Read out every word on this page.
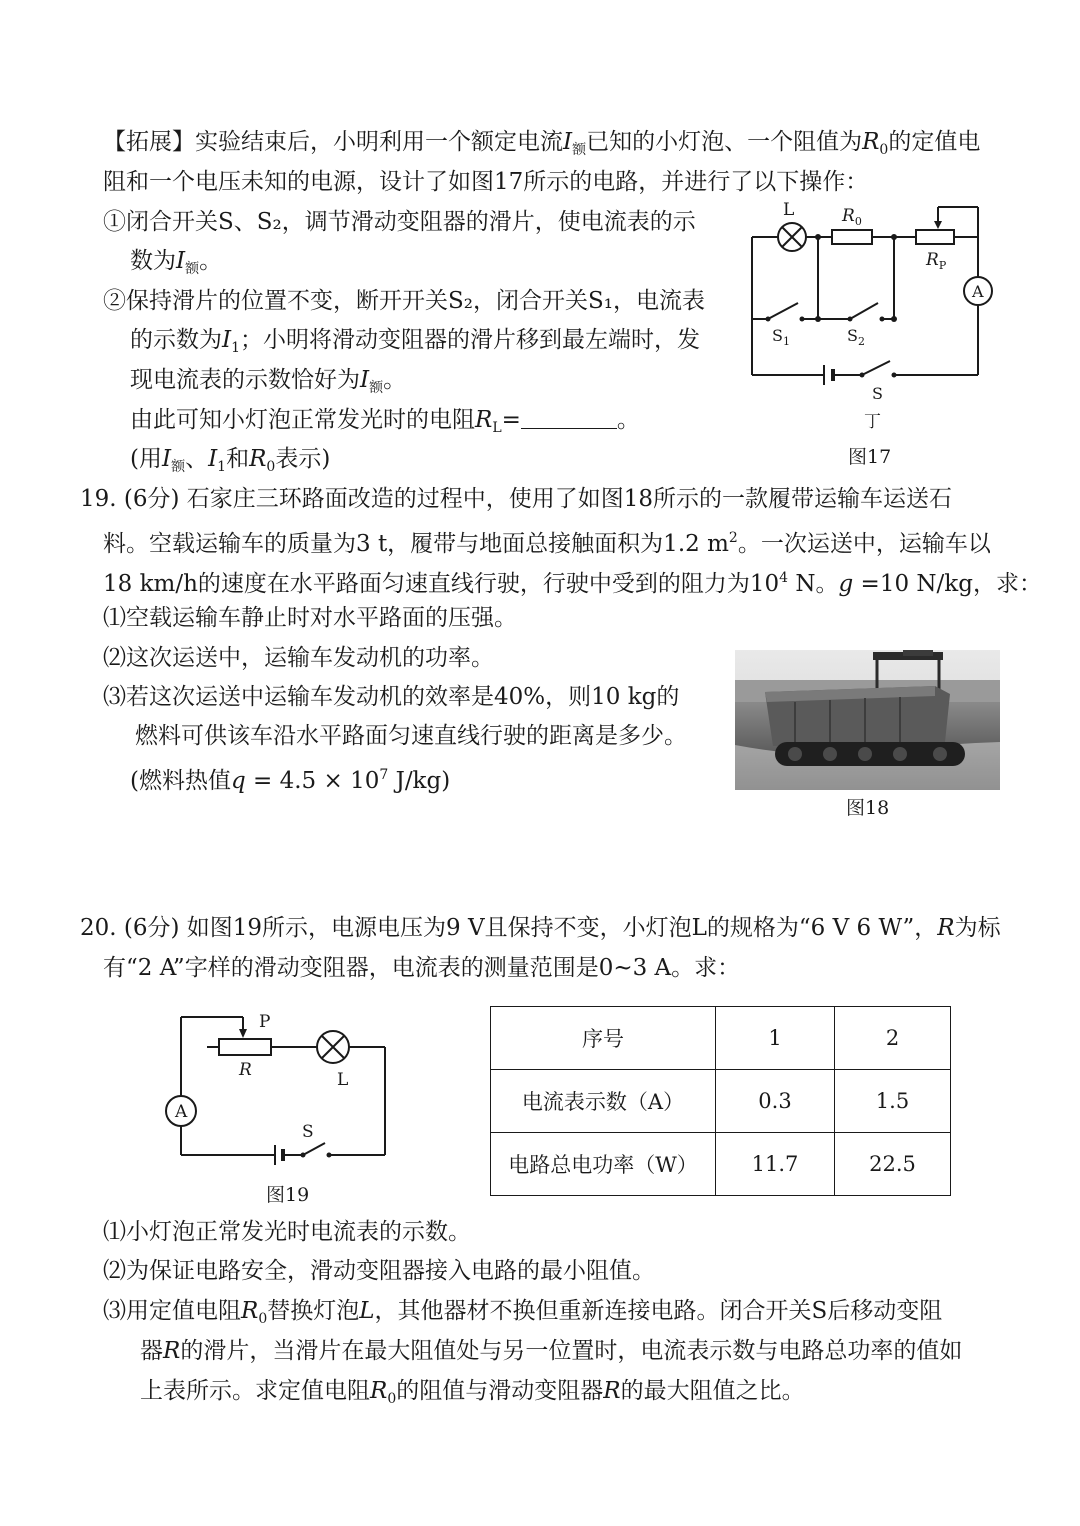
【拓展】实验结束后，小明利用一个额定电流$I_额$已知的小灯泡、一个阻值为$R_0$的定值电
阻和一个电压未知的电源，设计了如图17所示的电路，并进行了以下操作：
①闭合开关S、S₂，调节滑动变阻器的滑片，使电流表的示
数为$I_额$。
②保持滑片的位置不变，断开开关S₂，闭合开关S₁，电流表
的示数为$I_1$；小明将滑动变阻器的滑片移到最左端时，发
现电流表的示数恰好为$I_额$。
由此可知小灯泡正常发光时的电阻$R_L=$	。
(用$I_额$、$I_1$和$R_0$表示)
L	$R_0$
$R_P$
A
$S_1$	$S_2$
S
丁
图17
19. (6分) 石家庄三环路面改造的过程中，使用了如图18所示的一款履带运输车运送石
料。空载运输车的质量为3 t，履带与地面总接触面积为1.2 $m^2$。一次运送中，运输车以
18 km/h的速度在水平路面匀速直线行驶，行驶中受到的阻力为$10^4$ N。g =10 N/kg，求：
⑴空载运输车静止时对水平路面的压强。
⑵这次运送中，运输车发动机的功率。
⑶若这次运送中运输车发动机的效率是40%，则10 kg的
燃料可供该车沿水平路面匀速直线行驶的距离是多少。
(燃料热值$q = 4.5 \times 10^7$ J/kg)
图18
20. (6分) 如图19所示，电源电压为9 V且保持不变，小灯泡L的规格为“6 V 6 W”，R为标
有“2 A”字样的滑动变阻器，电流表的测量范围是0~3 A。求：
P
R	L
A
S
图19
序号	1	2
电流表示数（A）	0.3	1.5
电路总电功率（W）	11.7	22.5
⑴小灯泡正常发光时电流表的示数。
⑵为保证电路安全，滑动变阻器接入电路的最小阻值。
⑶用定值电阻$R_0$替换灯泡L，其他器材不换但重新连接电路。闭合开关S后移动变阻
器R的滑片，当滑片在最大阻值处与另一位置时，电流表示数与电路总功率的值如
上表所示。求定值电阻$R_0$的阻值与滑动变阻器R的最大阻值之比。
